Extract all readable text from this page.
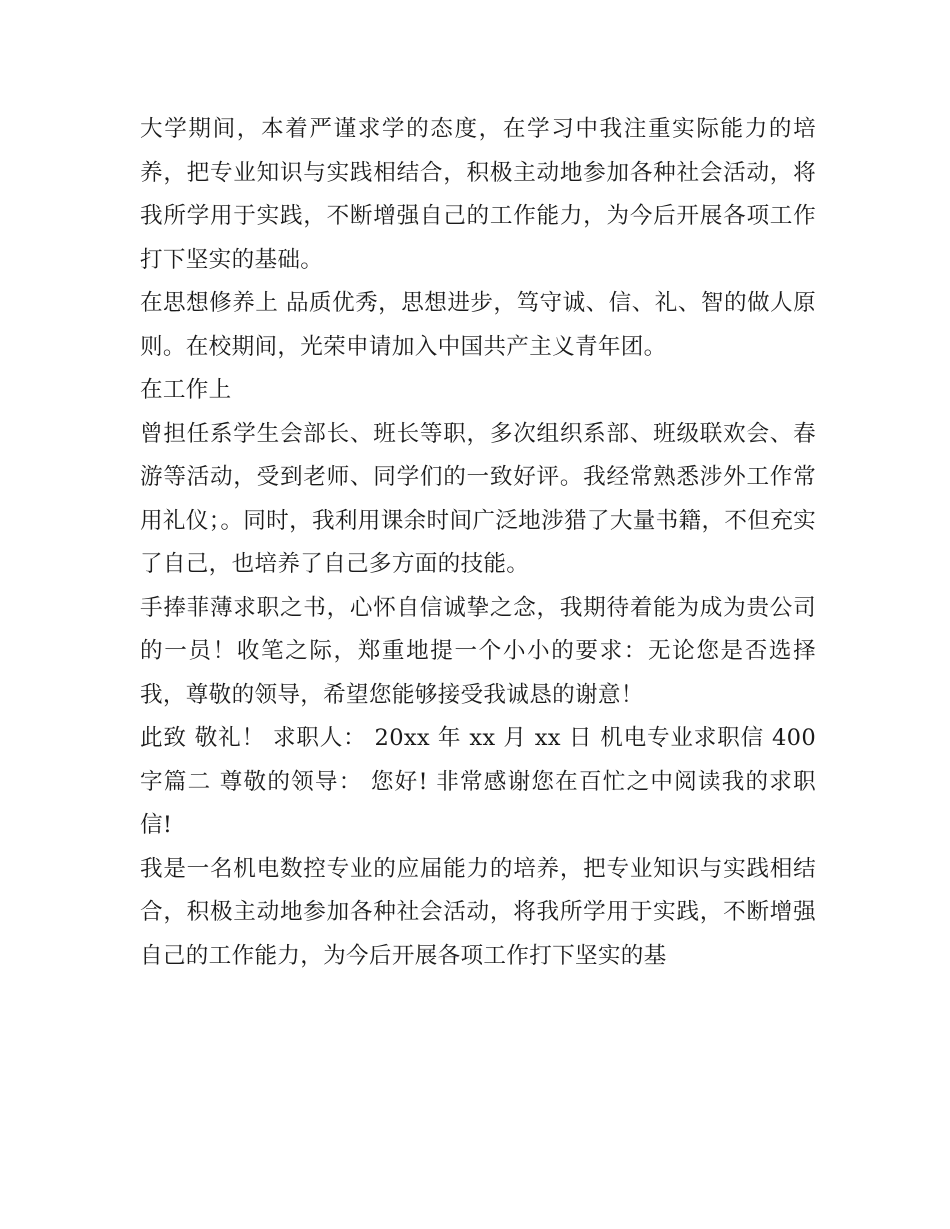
大学期间，本着严谨求学的态度，在学习中我注重实际能力的培养，把专业知识与实践相结合，积极主动地参加各种社会活动，将我所学用于实践，不断增强自己的工作能力，为今后开展各项工作打下坚实的基础。

在思想修养上 品质优秀，思想进步，笃守诚、信、礼、智的做人原则。在校期间，光荣申请加入中国共产主义青年团。

在工作上

曾担任系学生会部长、班长等职，多次组织系部、班级联欢会、春游等活动，受到老师、同学们的一致好评。我经常熟悉涉外工作常用礼仪；。同时，我利用课余时间广泛地涉猎了大量书籍，不但充实了自己，也培养了自己多方面的技能。

手捧菲薄求职之书，心怀自信诚挚之念，我期待着能为成为贵公司的一员！收笔之际，郑重地提一个小小的要求：无论您是否选择我，尊敬的领导，希望您能够接受我诚恳的谢意！

此致 敬礼！ 求职人： 20xx 年 xx 月 xx 日 机电专业求职信 400字篇二 尊敬的领导： 您好! 非常感谢您在百忙之中阅读我的求职信!

我是一名机电数控专业的应届能力的培养，把专业知识与实践相结合，积极主动地参加各种社会活动，将我所学用于实践，不断增强自己的工作能力，为今后开展各项工作打下坚实的基
